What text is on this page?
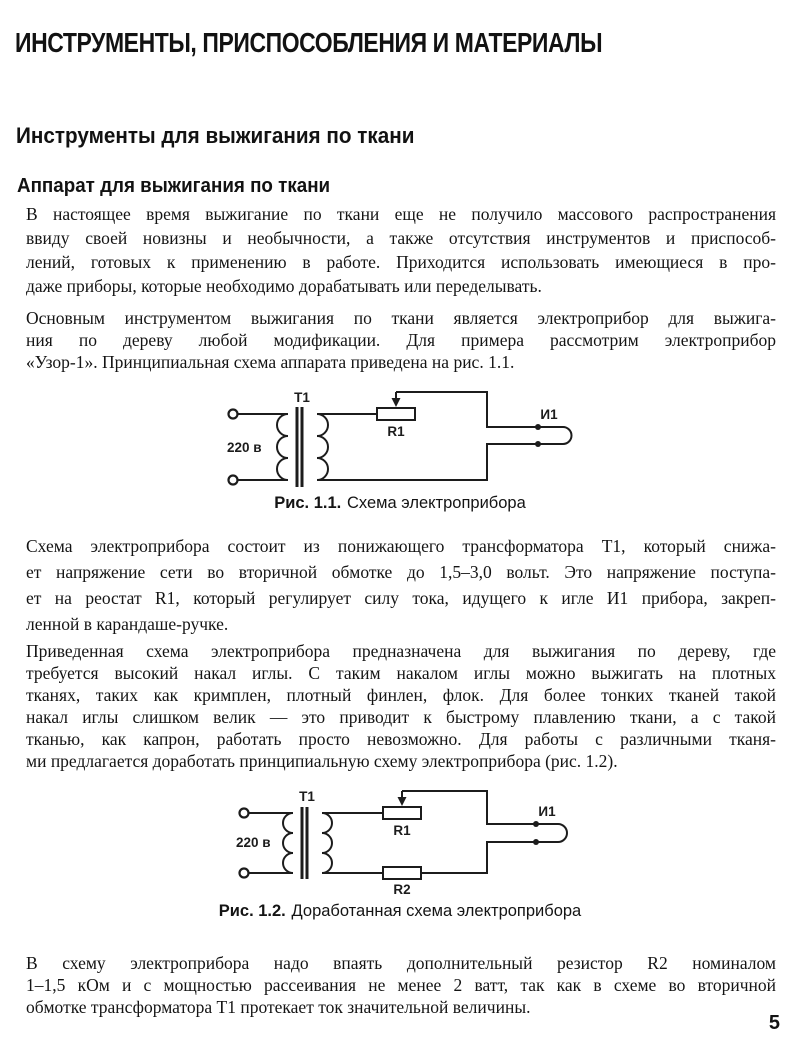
ИНСТРУМЕНТЫ, ПРИСПОСОБЛЕНИЯ И МАТЕРИАЛЫ
Инструменты для выжигания по ткани
Аппарат для выжигания по ткани
В настоящее время выжигание по ткани еще не получило массового распространения
ввиду своей новизны и необычности, а также отсутствия инструментов и приспособ-
лений, готовых к применению в работе. Приходится использовать имеющиеся в про-
даже приборы, которые необходимо дорабатывать или переделывать.
Основным инструментом выжигания по ткани является электроприбор для выжига-
ния по дереву любой модификации. Для примера рассмотрим электроприбор
«Узор-1». Принципиальная схема аппарата приведена на рис. 1.1.
220 в
Т1
R1
И1
Рис. 1.1. Схема электроприбора
Схема электроприбора состоит из понижающего трансформатора Т1, который снижа-
ет напряжение сети во вторичной обмотке до 1,5–3,0 вольт. Это напряжение поступа-
ет на реостат R1, который регулирует силу тока, идущего к игле И1 прибора, закреп-
ленной в карандаше-ручке.
Приведенная схема электроприбора предназначена для выжигания по дереву, где
требуется высокий накал иглы. С таким накалом иглы можно выжигать на плотных
тканях, таких как кримплен, плотный финлен, флок. Для более тонких тканей такой
накал иглы слишком велик — это приводит к быстрому плавлению ткани, а с такой
тканью, как капрон, работать просто невозможно. Для работы с различными тканя-
ми предлагается доработать принципиальную схему электроприбора (рис. 1.2).
220 в
Т1
R1
R2
И1
Рис. 1.2. Доработанная схема электроприбора
В схему электроприбора надо впаять дополнительный резистор R2 номиналом
1–1,5 кОм и с мощностью рассеивания не менее 2 ватт, так как в схеме во вторичной
обмотке трансформатора Т1 протекает ток значительной величины.
5
